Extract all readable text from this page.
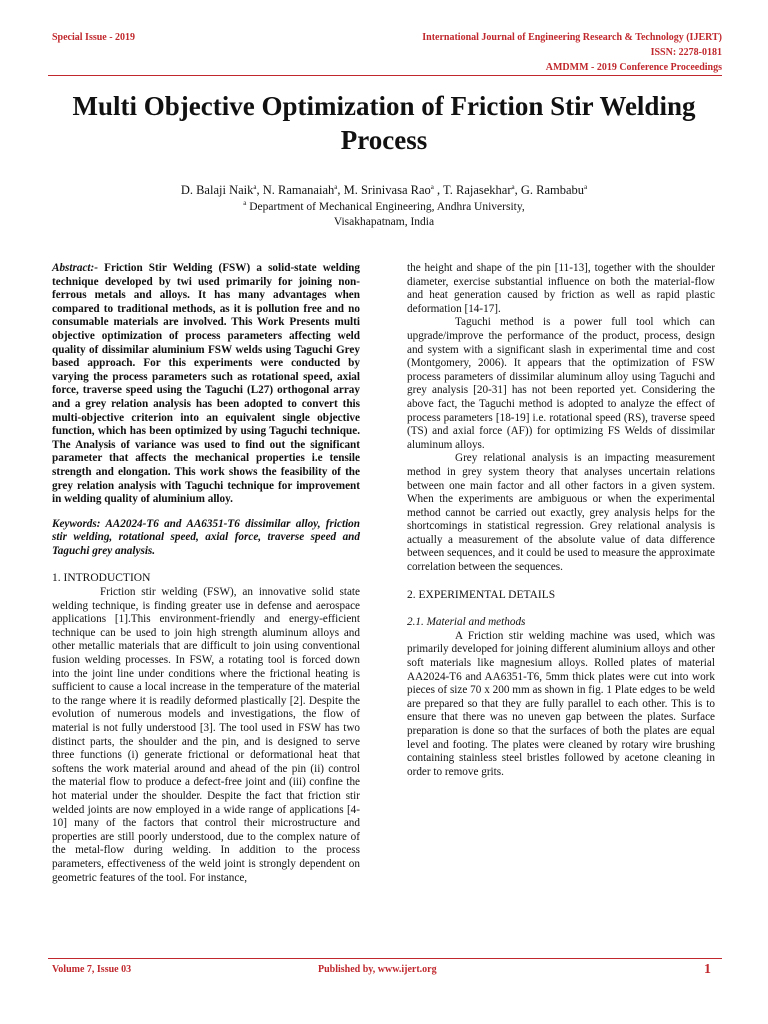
Special Issue - 2019	International Journal of Engineering Research & Technology (IJERT)
ISSN: 2278-0181
AMDMM - 2019 Conference Proceedings
Multi Objective Optimization of Friction Stir Welding Process
D. Balaji Naik$^a$, N. Ramanaiah$^a$, M. Srinivasa Rao$^a$ , T. Rajasekhar$^a$, G. Rambabu$^a$
$^a$ Department of Mechanical Engineering, Andhra University,
Visakhapatnam, India

Abstract:- Friction Stir Welding (FSW) a solid-state welding technique developed by twi used primarily for joining non-ferrous metals and alloys. It has many advantages when compared to traditional methods, as it is pollution free and no consumable materials are involved. This Work Presents multi objective optimization of process parameters affecting weld quality of dissimilar aluminium FSW welds using Taguchi Grey based approach. For this experiments were conducted by varying the process parameters such as rotational speed, axial force, traverse speed using the Taguchi (L27) orthogonal array and a grey relation analysis has been adopted to convert this multi-objective criterion into an equivalent single objective function, which has been optimized by using Taguchi technique. The Analysis of variance was used to find out the significant parameter that affects the mechanical properties i.e tensile strength and elongation. This work shows the feasibility of the grey relation analysis with Taguchi technique for improvement in welding quality of aluminium alloy.

Keywords: AA2024-T6 and AA6351-T6 dissimilar alloy, friction stir welding, rotational speed, axial force, traverse speed and Taguchi grey analysis.

1. INTRODUCTION

Friction stir welding (FSW), an innovative solid state welding technique, is finding greater use in defense and aerospace applications [1].This environment-friendly and energy-efficient technique can be used to join high strength aluminum alloys and other metallic materials that are difficult to join using conventional fusion welding processes. In FSW, a rotating tool is forced down into the joint line under conditions where the frictional heating is sufficient to cause a local increase in the temperature of the material to the range where it is readily deformed plastically [2]. Despite the evolution of numerous models and investigations, the flow of material is not fully understood [3]. The tool used in FSW has two distinct parts, the shoulder and the pin, and is designed to serve three functions (i) generate frictional or deformational heat that softens the work material around and ahead of the pin (ii) control the material flow to produce a defect-free joint and (iii) confine the hot material under the shoulder. Despite the fact that friction stir welded joints are now employed in a wide range of applications [4-10] many of the factors that control their microstructure and properties are still poorly understood, due to the complex nature of the metal-flow during welding. In addition to the process parameters, effectiveness of the weld joint is strongly dependent on geometric features of the tool. For instance,

the height and shape of the pin [11-13], together with the shoulder diameter, exercise substantial influence on both the material-flow and heat generation caused by friction as well as rapid plastic deformation [14-17].

Taguchi method is a power full tool which can upgrade/improve the performance of the product, process, design and system with a significant slash in experimental time and cost (Montgomery, 2006). It appears that the optimization of FSW process parameters of dissimilar aluminum alloy using Taguchi and grey analysis [20-31] has not been reported yet. Considering the above fact, the Taguchi method is adopted to analyze the effect of process parameters [18-19] i.e. rotational speed (RS), traverse speed (TS) and axial force (AF)) for optimizing FS Welds of dissimilar aluminum alloys.

Grey relational analysis is an impacting measurement method in grey system theory that analyses uncertain relations between one main factor and all other factors in a given system. When the experiments are ambiguous or when the experimental method cannot be carried out exactly, grey analysis helps for the shortcomings in statistical regression. Grey relational analysis is actually a measurement of the absolute value of data difference between sequences, and it could be used to measure the approximate correlation between the sequences.

2. EXPERIMENTAL DETAILS

2.1. Material and methods

A Friction stir welding machine was used, which was primarily developed for joining different aluminium alloys and other soft materials like magnesium alloys. Rolled plates of material AA2024-T6 and AA6351-T6, 5mm thick plates were cut into work pieces of size 70 x 200 mm as shown in fig. 1 Plate edges to be weld are prepared so that they are fully parallel to each other. This is to ensure that there was no uneven gap between the plates. Surface preparation is done so that the surfaces of both the plates are equal level and footing. The plates were cleaned by rotary wire brushing containing stainless steel bristles followed by acetone cleaning in order to remove grits.

Volume 7, Issue 03	Published by, www.ijert.org	1
